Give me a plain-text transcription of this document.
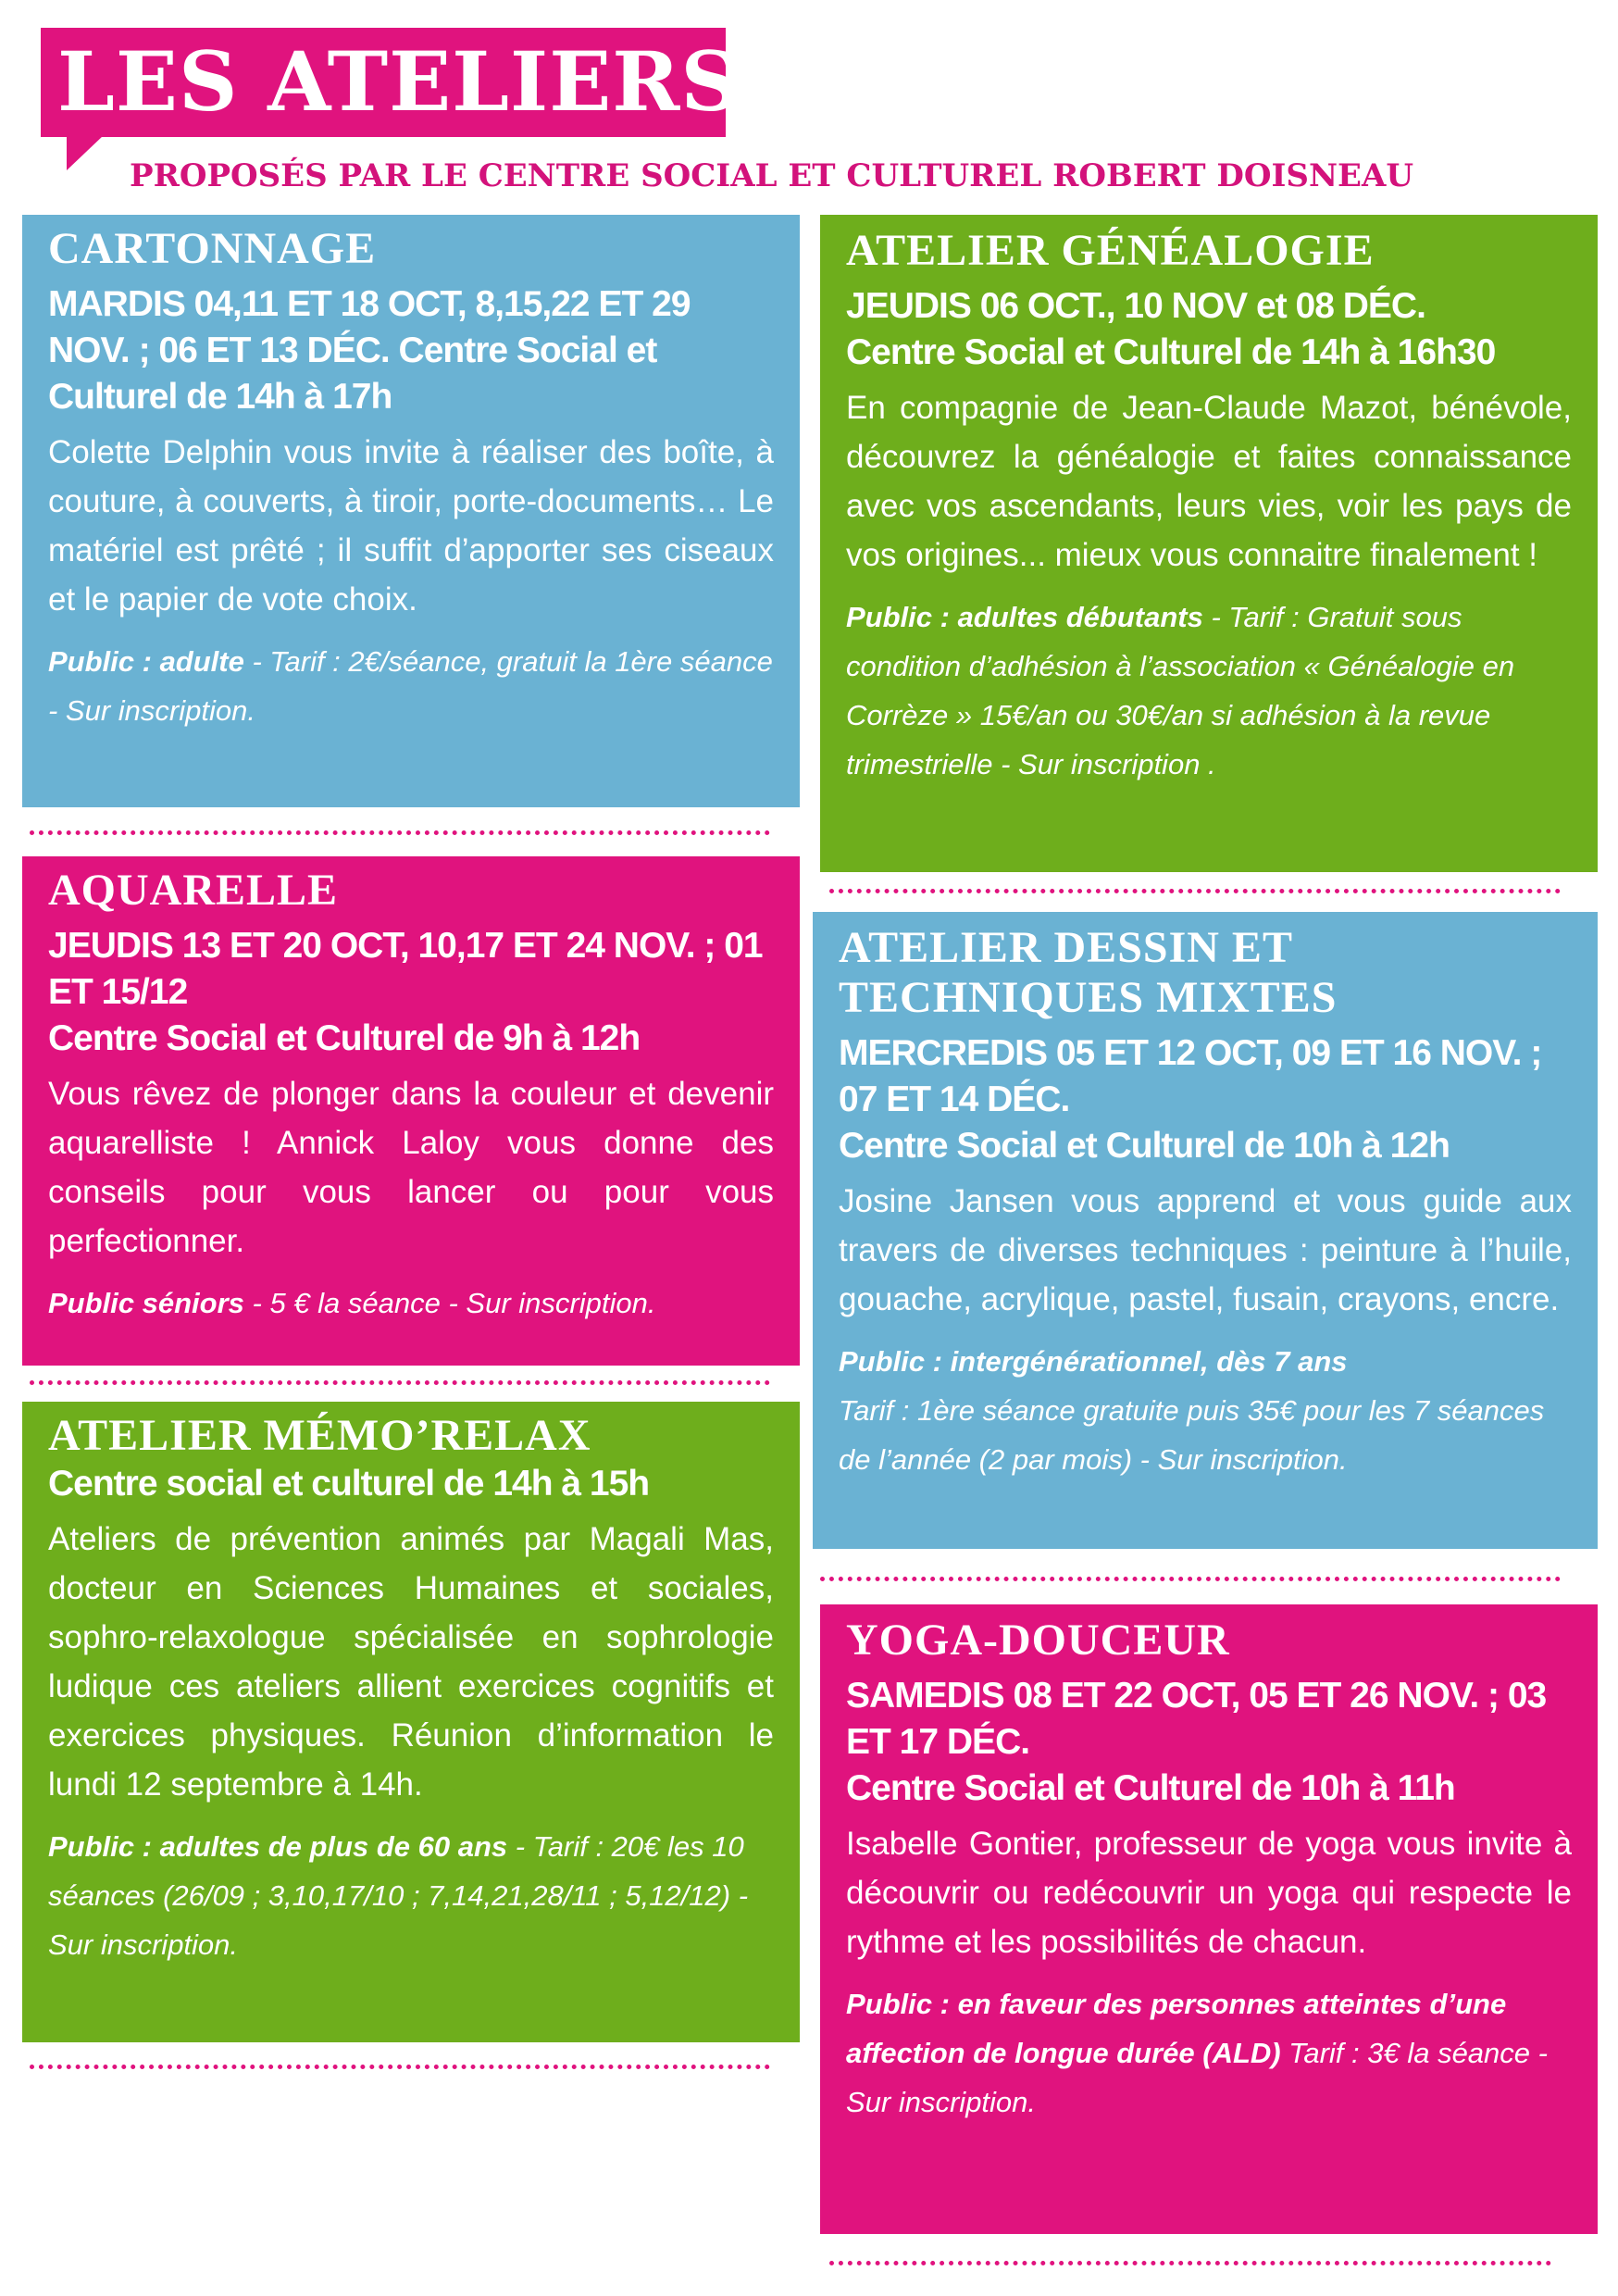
LES ATELIERS
PROPOSÉS PAR LE CENTRE SOCIAL ET CULTUREL ROBERT DOISNEAU
CARTONNAGE
MARDIS 04,11 ET 18 OCT, 8,15,22 ET 29 NOV. ; 06 ET 13 DÉC. Centre Social et Culturel de 14h à 17h
Colette Delphin vous invite à réaliser des boîte, à couture, à couverts, à tiroir, porte-documents… Le matériel est prêté ; il suffit d’apporter ses ciseaux et le papier de vote choix.
Public : adulte - Tarif : 2€/séance, gratuit la 1ère séance - Sur inscription.
AQUARELLE
JEUDIS 13 ET 20 OCT, 10,17 ET 24 NOV. ; 01 ET 15/12
Centre Social et Culturel de 9h à 12h
Vous rêvez de plonger dans la couleur et devenir aquarelliste ! Annick Laloy vous donne des conseils pour vous lancer ou pour vous perfectionner.
Public séniors - 5 € la séance - Sur inscription.
ATELIER MÉMO’RELAX
Centre social et culturel de 14h à 15h
Ateliers de prévention animés par Magali Mas, docteur en Sciences Humaines et sociales, sophro-relaxologue spécialisée en sophrologie ludique ces ateliers allient exercices cognitifs et exercices physiques. Réunion d’information le lundi 12 septembre à 14h.
Public : adultes de plus de 60 ans - Tarif : 20€ les 10 séances (26/09 ; 3,10,17/10 ; 7,14,21,28/11 ; 5,12/12) - Sur inscription.
ATELIER GÉNÉALOGIE
JEUDIS 06 OCT., 10 NOV et 08 DÉC.
Centre Social et Culturel de 14h à 16h30
En compagnie de Jean-Claude Mazot, bénévole, découvrez la généalogie et faites connaissance avec vos ascendants, leurs vies, voir les pays de vos origines... mieux vous connaitre finalement !
Public : adultes débutants - Tarif : Gratuit sous condition d’adhésion à l’association « Généalogie en Corrèze » 15€/an ou 30€/an si adhésion à la revue trimestrielle - Sur inscription .
ATELIER DESSIN ET TECHNIQUES MIXTES
MERCREDIS 05 ET 12 OCT, 09 ET 16 NOV. ; 07 ET 14 DÉC.
Centre Social et Culturel de 10h à 12h
Josine Jansen vous apprend et vous guide aux travers de diverses techniques : peinture à l’huile, gouache, acrylique, pastel, fusain, crayons, encre.
Public : intergénérationnel, dès 7 ans
Tarif : 1ère séance gratuite puis 35€ pour les 7 séances de l’année (2 par mois) - Sur inscription.
YOGA-DOUCEUR
SAMEDIS 08 ET 22 OCT, 05 ET 26 NOV. ; 03 ET 17 DÉC.
Centre Social et Culturel de 10h à 11h
Isabelle Gontier, professeur de yoga vous invite à découvrir ou redécouvrir un yoga qui respecte le rythme et les possibilités de chacun.
Public : en faveur des personnes atteintes d’une affection de longue durée (ALD) Tarif : 3€ la séance - Sur inscription.
